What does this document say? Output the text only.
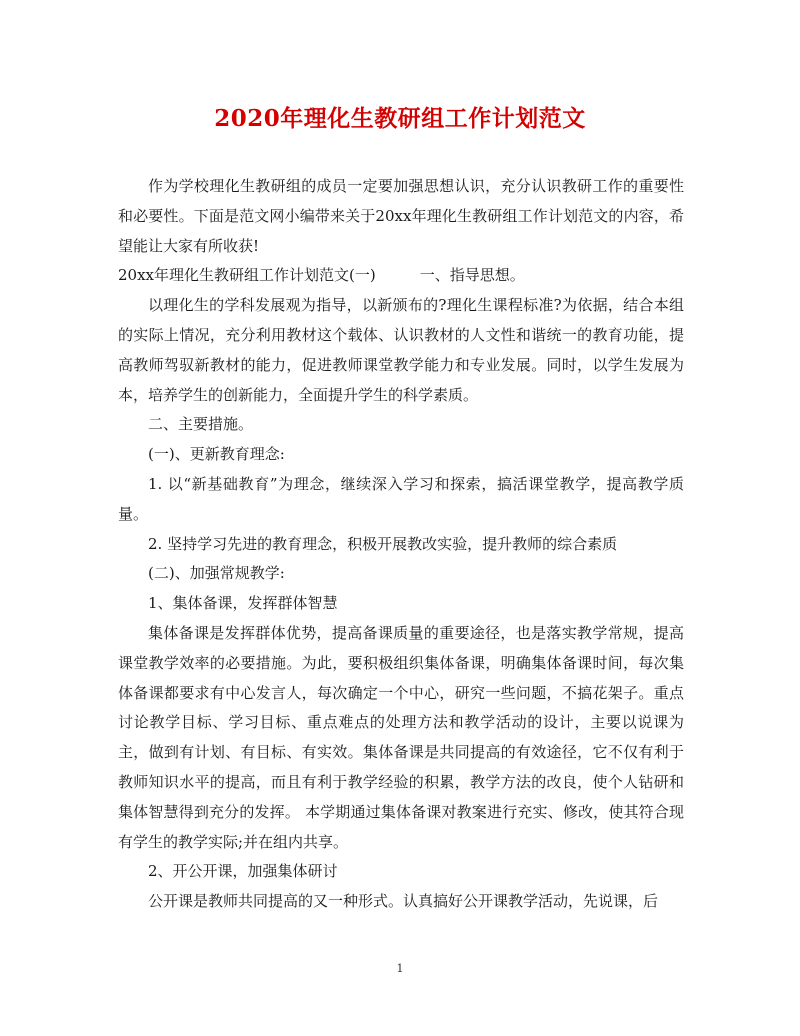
2020年理化生教研组工作计划范文

作为学校理化生教研组的成员一定要加强思想认识，充分认识教研工作的重要性和必要性。下面是范文网小编带来关于20xx年理化生教研组工作计划范文的内容，希望能让大家有所收获!

20xx年理化生教研组工作计划范文(一)	一、指导思想。

以理化生的学科发展观为指导，以新颁布的?理化生课程标准?为依据，结合本组的实际上情况，充分利用教材这个载体、认识教材的人文性和谐统一的教育功能，提高教师驾驭新教材的能力，促进教师课堂教学能力和专业发展。同时，以学生发展为本，培养学生的创新能力，全面提升学生的科学素质。

二、主要措施。

(一)、更新教育理念:

1. 以“新基础教育”为理念，继续深入学习和探索，搞活课堂教学，提高教学质量。

2. 坚持学习先进的教育理念，积极开展教改实验，提升教师的综合素质

(二)、加强常规教学:

1、集体备课，发挥群体智慧

集体备课是发挥群体优势，提高备课质量的重要途径，也是落实教学常规，提高课堂教学效率的必要措施。为此，要积极组织集体备课，明确集体备课时间，每次集体备课都要求有中心发言人，每次确定一个中心，研究一些问题，不搞花架子。重点讨论教学目标、学习目标、重点难点的处理方法和教学活动的设计，主要以说课为主，做到有计划、有目标、有实效。集体备课是共同提高的有效途径，它不仅有利于教师知识水平的提高，而且有利于教学经验的积累，教学方法的改良，使个人钻研和集体智慧得到充分的发挥。 本学期通过集体备课对教案进行充实、修改，使其符合现有学生的教学实际;并在组内共享。

2、开公开课，加强集体研讨

公开课是教师共同提高的又一种形式。认真搞好公开课教学活动，先说课，后

1
